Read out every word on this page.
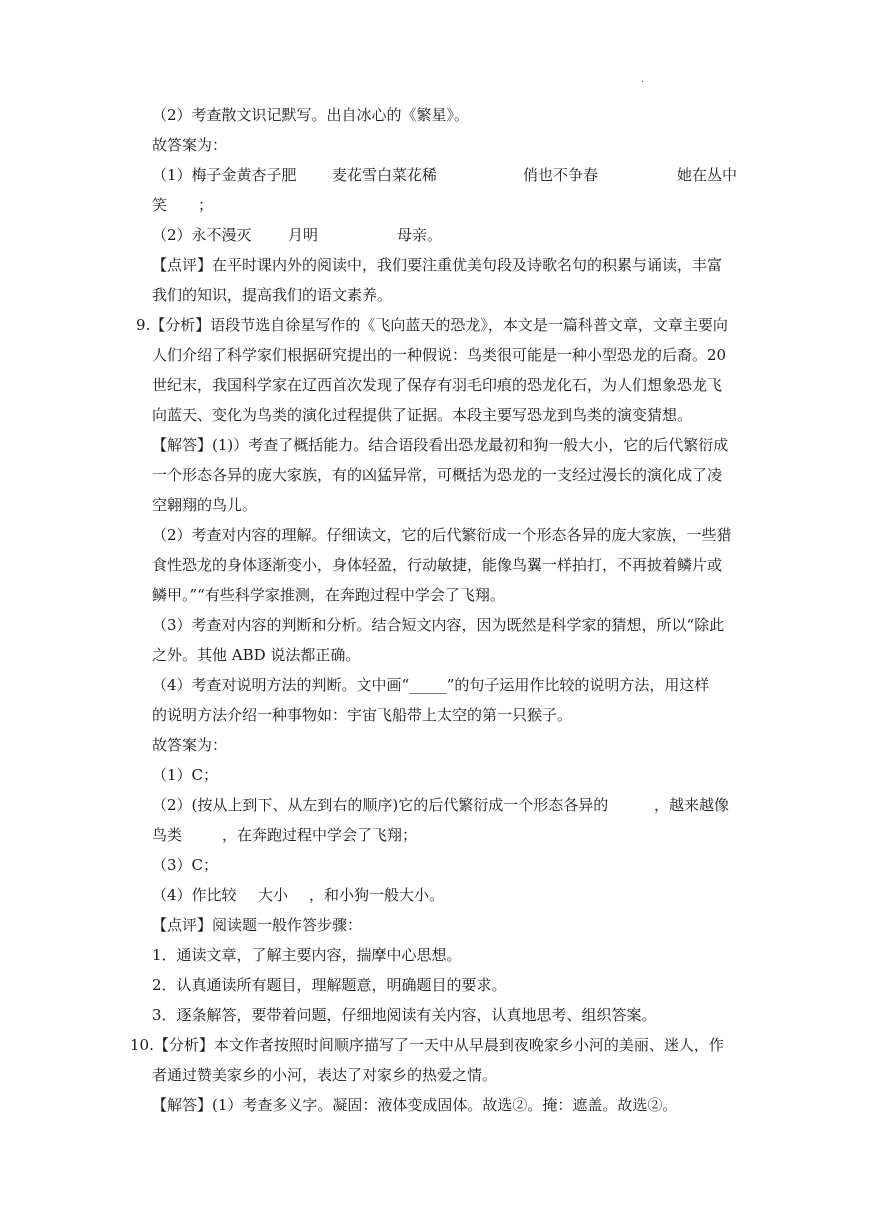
·
（2）考查散文识记默写。出自冰心的《繁星》。
故答案为：
（1）梅子金黄杏子肥 麦花雪白菜花稀	俏也不争春	她在丛中
笑 ；
（2）永不漫灭 月明	母亲。
【点评】在平时课内外的阅读中，我们要注重优美句段及诗歌名句的积累与诵读，丰富
我们的知识，提高我们的语文素养。
9.【分析】语段节选自徐星写作的《飞向蓝天的恐龙》，本文是一篇科普文章，文章主要向
人们介绍了科学家们根据研究提出的一种假说：鸟类很可能是一种小型恐龙的后裔。20
世纪末，我国科学家在辽西首次发现了保存有羽毛印痕的恐龙化石，为人们想象恐龙飞
向蓝天、变化为鸟类的演化过程提供了证据。本段主要写恐龙到鸟类的演变猜想。
【解答】(1)）考查了概括能力。结合语段看出恐龙最初和狗一般大小，它的后代繁衍成
一个形态各异的庞大家族，有的凶猛异常，可概括为恐龙的一支经过漫长的演化成了凌
空翱翔的鸟儿。
（2）考查对内容的理解。仔细读文，它的后代繁衍成一个形态各异的庞大家族，一些猎
食性恐龙的身体逐渐变小，身体轻盈，行动敏捷，能像鸟翼一样拍打，不再披着鳞片或
鳞甲。”“有些科学家推测，在奔跑过程中学会了飞翔。
（3）考查对内容的判断和分析。结合短文内容，因为既然是科学家的猜想，所以“除此
之外。其他 ABD 说法都正确。
（4）考查对说明方法的判断。文中画“_____”的句子运用作比较的说明方法，用这样
的说明方法介绍一种事物如：宇宙飞船带上太空的第一只猴子。
故答案为：
（1）C；
（2）(按从上到下、从左到右的顺序)它的后代繁衍成一个形态各异的	，越来越像
鸟类	，在奔跑过程中学会了飞翔；
（3）C；
（4）作比较 大小 ，和小狗一般大小。
【点评】阅读题一般作答步骤：
1．通读文章，了解主要内容，揣摩中心思想。
2．认真通读所有题目，理解题意，明确题目的要求。
3．逐条解答，要带着问题，仔细地阅读有关内容，认真地思考、组织答案。
10.【分析】本文作者按照时间顺序描写了一天中从早晨到夜晚家乡小河的美丽、迷人，作
者通过赞美家乡的小河，表达了对家乡的热爱之情。
【解答】(1）考查多义字。凝固：液体变成固体。故选②。掩：遮盖。故选②。
